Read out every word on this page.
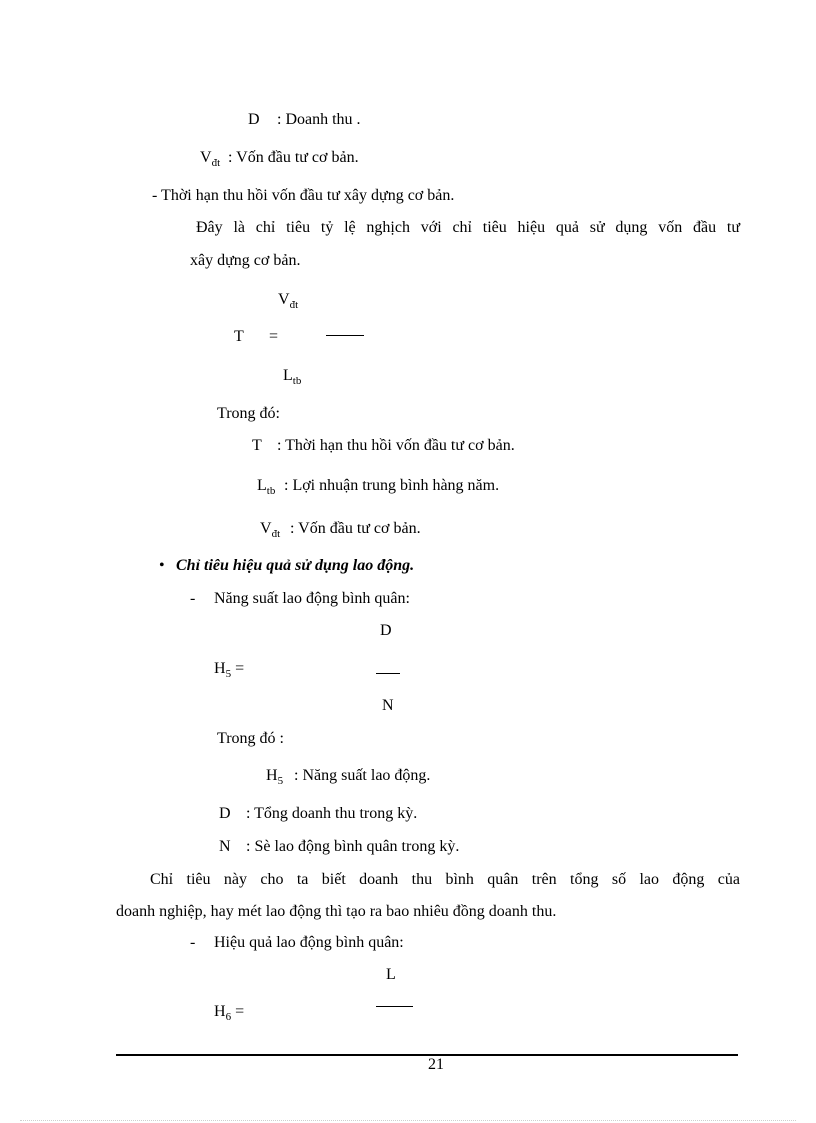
D : Doanh thu .
$V_{đt}$ : Vốn đầu tư cơ bản.
- Thời hạn thu hồi vốn đầu tư xây dựng cơ bản.
Đây là chỉ tiêu tỷ lệ nghịch với chỉ tiêu hiệu quả sử dụng vốn đầu tư
xây dựng cơ bản.
$V_{đt}$
T =
$L_{tb}$
Trong đó:
T : Thời hạn thu hồi vốn đầu tư cơ bản.
$L_{tb}$ : Lợi nhuận trung bình hàng năm.
$V_{đt}$ : Vốn đầu tư cơ bản.
• Chỉ tiêu hiệu quả sử dụng lao động.
- Năng suất lao động bình quân:
D
$H_5$ =
N
Trong đó :
$H_5$ : Năng suất lao động.
D : Tổng doanh thu trong kỳ.
N : Sè lao động bình quân trong kỳ.
Chỉ tiêu này cho ta biết doanh thu bình quân trên tổng số lao động của
doanh nghiệp, hay mét lao động thì tạo ra bao nhiêu đồng doanh thu.
- Hiệu quả lao động bình quân:
L
$H_6$ =
21
